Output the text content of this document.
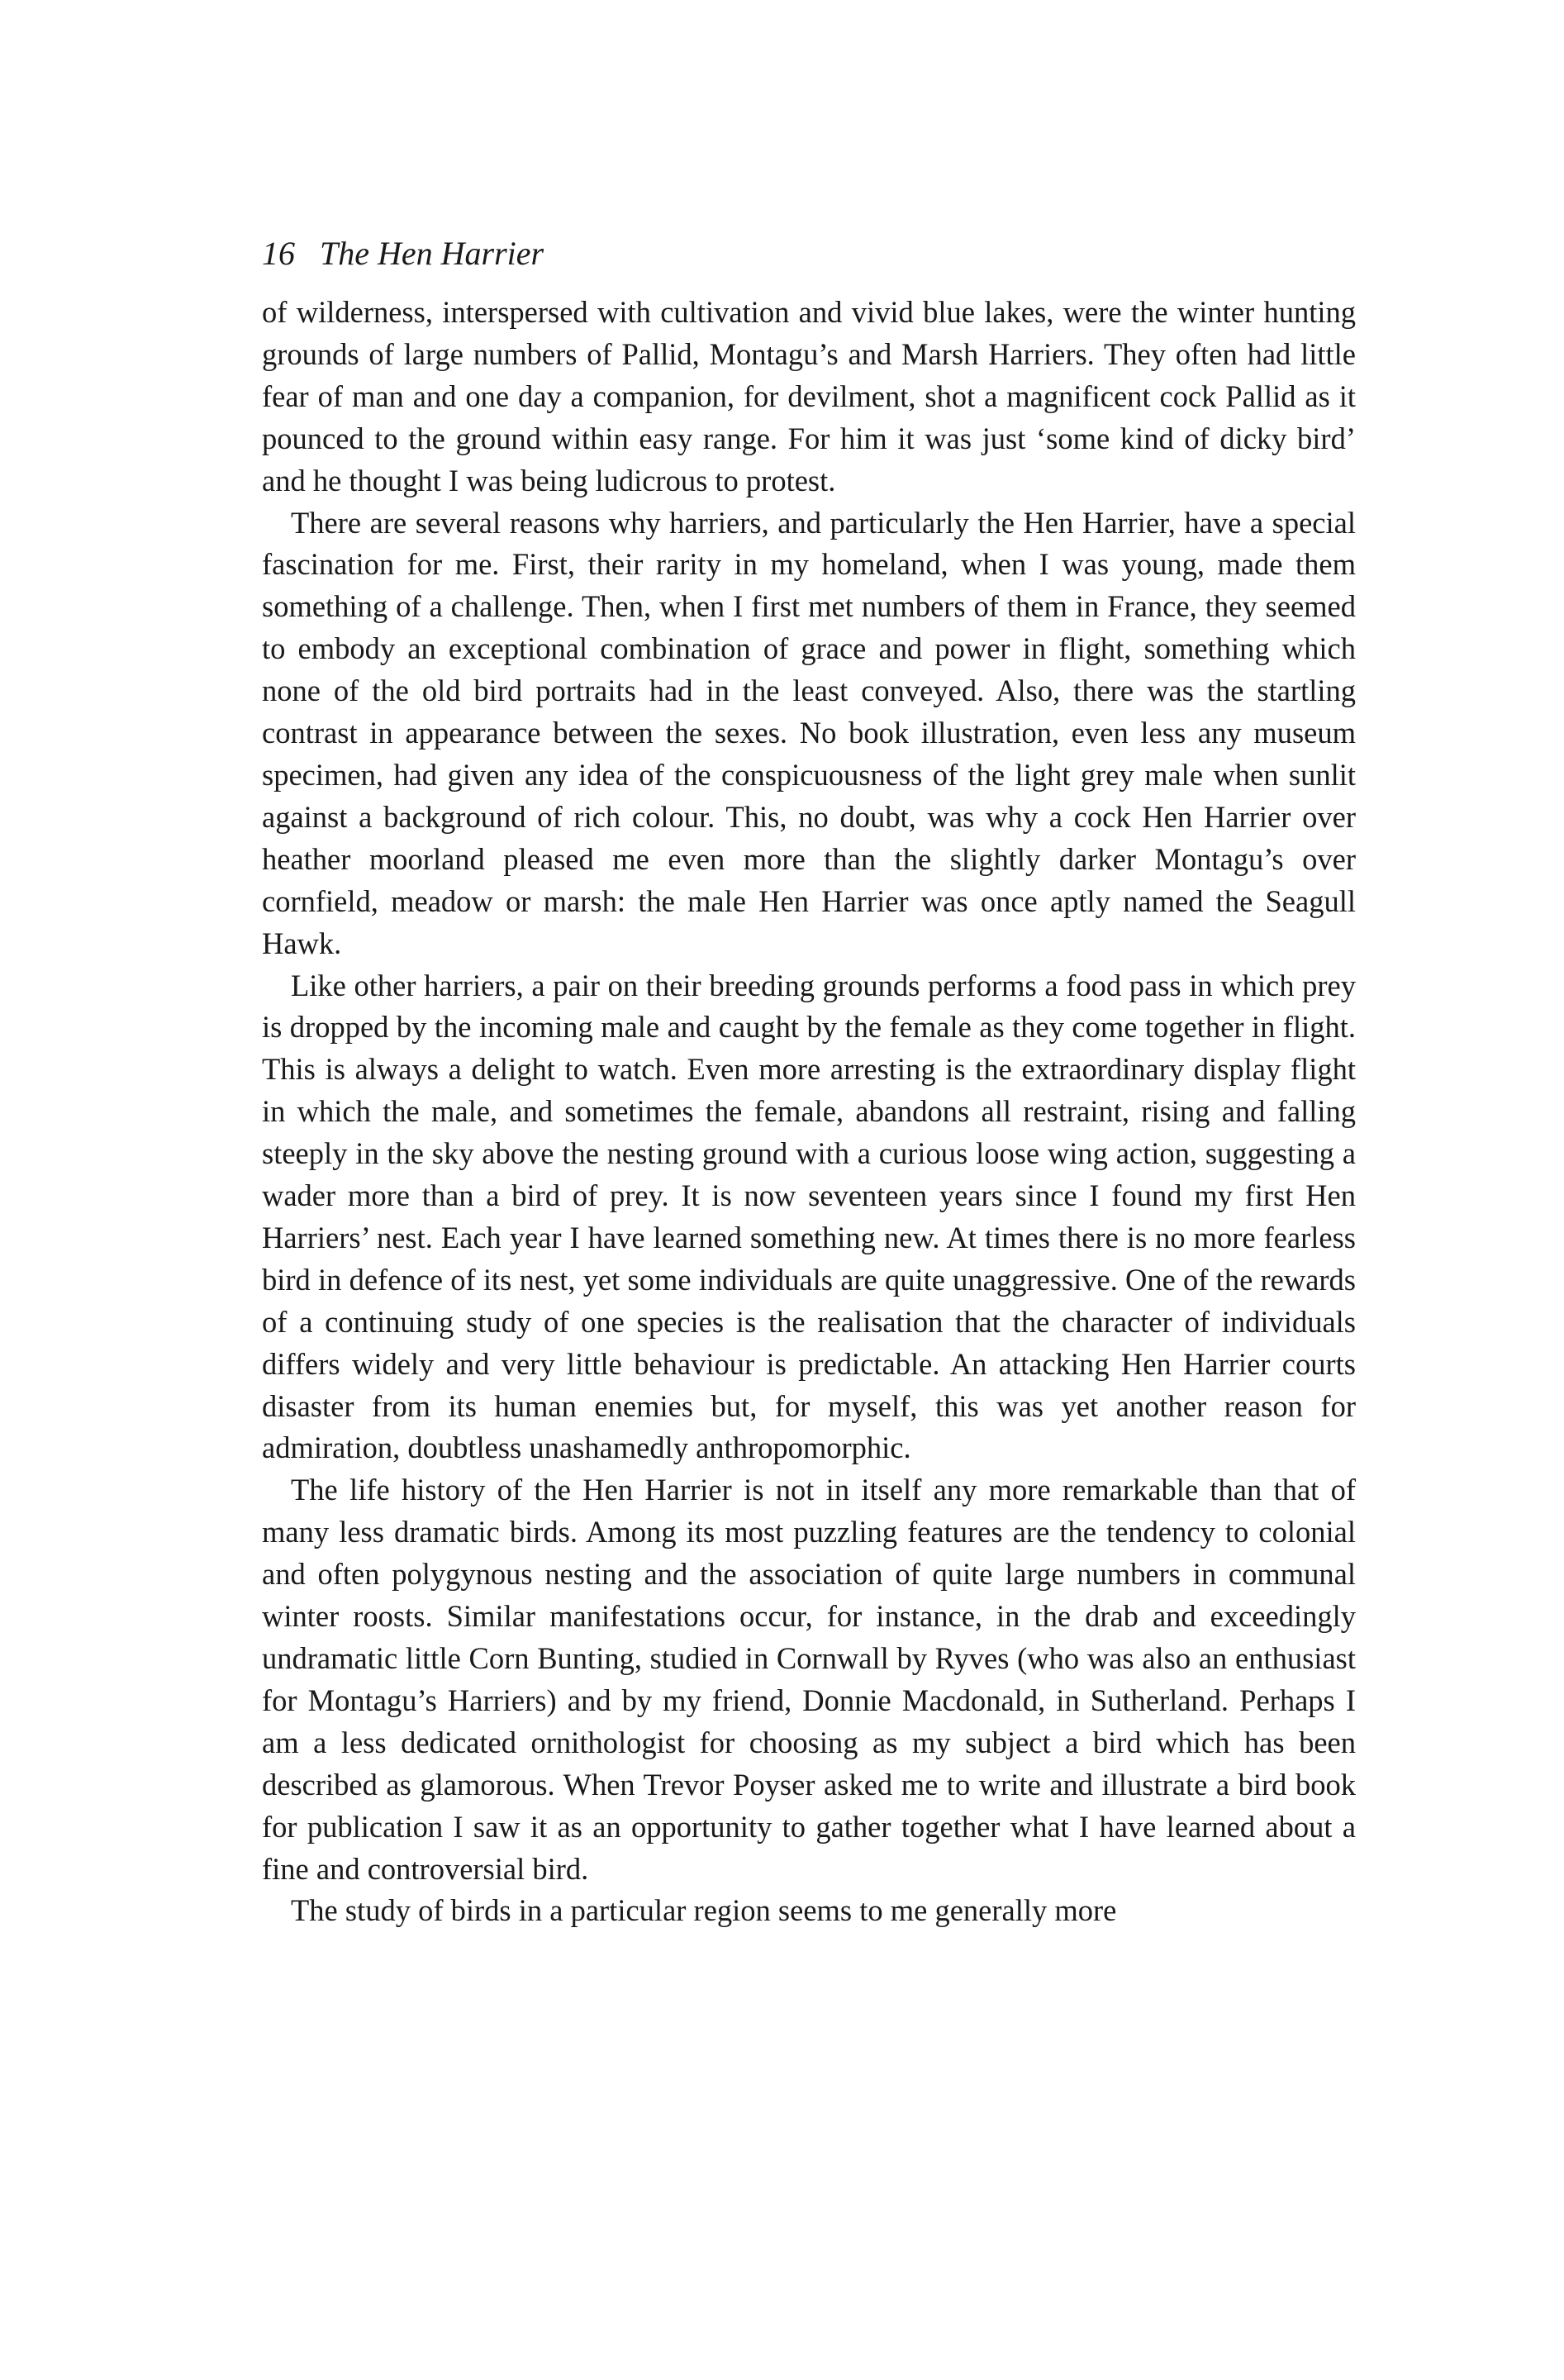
16 The Hen Harrier

of wilderness, interspersed with cultivation and vivid blue lakes, were the winter hunting grounds of large numbers of Pallid, Montagu’s and Marsh Harriers. They often had little fear of man and one day a companion, for devilment, shot a magnificent cock Pallid as it pounced to the ground within easy range. For him it was just ‘some kind of dicky bird’ and he thought I was being ludicrous to protest.

There are several reasons why harriers, and particularly the Hen Harrier, have a special fascination for me. First, their rarity in my homeland, when I was young, made them something of a challenge. Then, when I first met numbers of them in France, they seemed to embody an exceptional combination of grace and power in flight, something which none of the old bird portraits had in the least conveyed. Also, there was the startling contrast in appearance between the sexes. No book illustration, even less any museum specimen, had given any idea of the conspicuousness of the light grey male when sunlit against a background of rich colour. This, no doubt, was why a cock Hen Harrier over heather moorland pleased me even more than the slightly darker Montagu’s over cornfield, meadow or marsh: the male Hen Harrier was once aptly named the Seagull Hawk.

Like other harriers, a pair on their breeding grounds performs a food pass in which prey is dropped by the incoming male and caught by the female as they come together in flight. This is always a delight to watch. Even more arresting is the extraordinary display flight in which the male, and sometimes the female, abandons all restraint, rising and falling steeply in the sky above the nesting ground with a curious loose wing action, suggesting a wader more than a bird of prey. It is now seventeen years since I found my first Hen Harriers’ nest. Each year I have learned something new. At times there is no more fearless bird in defence of its nest, yet some individuals are quite unaggressive. One of the rewards of a continuing study of one species is the realisation that the character of individuals differs widely and very little behaviour is predictable. An attacking Hen Harrier courts disaster from its human enemies but, for myself, this was yet another reason for admiration, doubtless unashamedly anthropomorphic.

The life history of the Hen Harrier is not in itself any more remarkable than that of many less dramatic birds. Among its most puzzling features are the tendency to colonial and often polygynous nesting and the association of quite large numbers in communal winter roosts. Similar manifestations occur, for instance, in the drab and exceedingly undramatic little Corn Bunting, studied in Cornwall by Ryves (who was also an enthusiast for Montagu’s Harriers) and by my friend, Donnie Macdonald, in Sutherland. Perhaps I am a less dedicated ornithologist for choosing as my subject a bird which has been described as glamorous. When Trevor Poyser asked me to write and illustrate a bird book for publication I saw it as an opportunity to gather together what I have learned about a fine and controversial bird.

The study of birds in a particular region seems to me generally more
